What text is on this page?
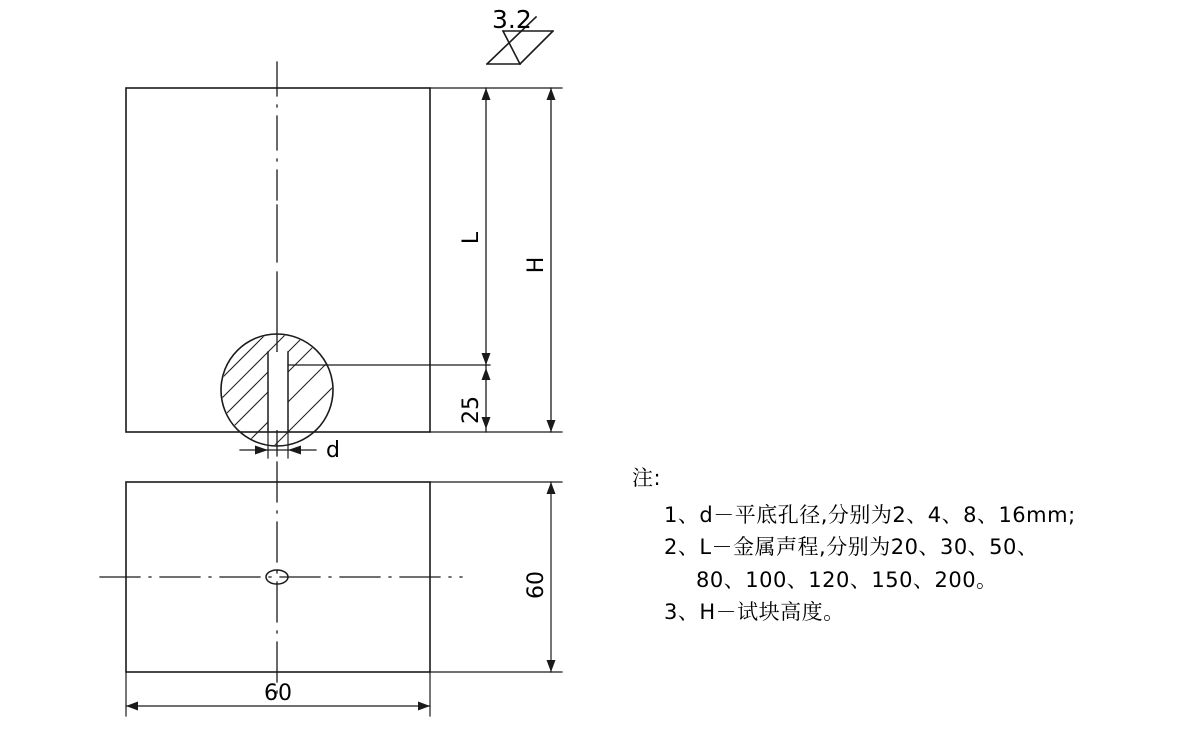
3.2
L
25
H
d
60
60
注:
1、d－平底孔径,分别为2、4、8、16mm;
2、L－金属声程,分别为20、30、50、
80、100、120、150、200。
3、H－试块高度。
